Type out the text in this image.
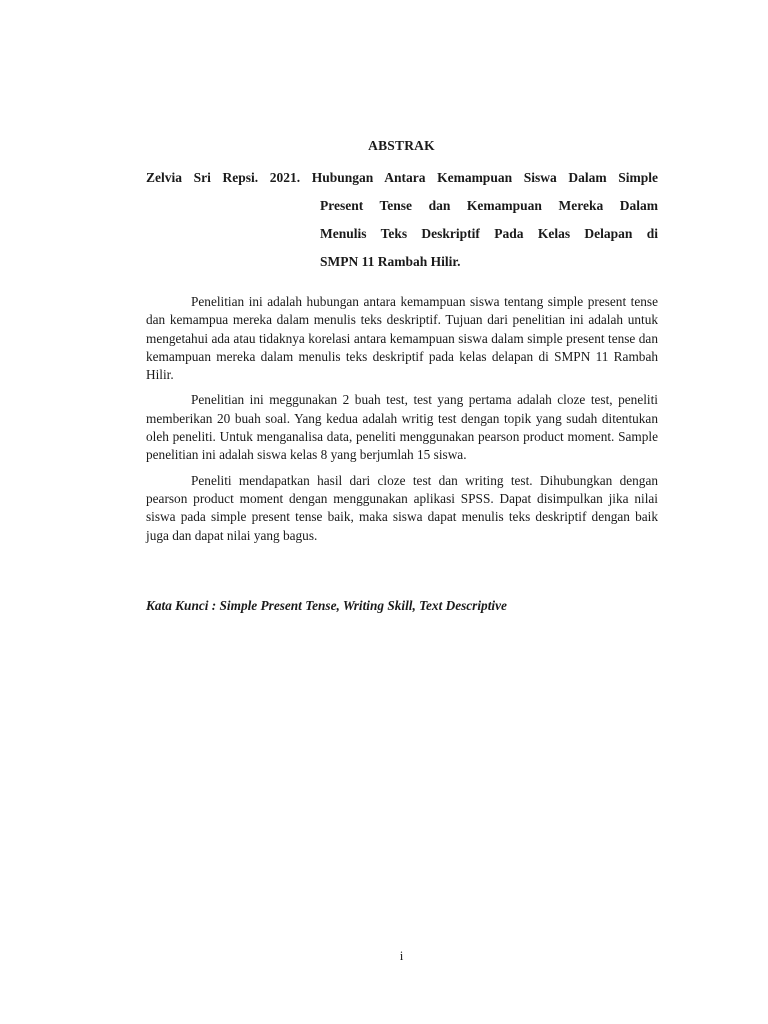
ABSTRAK
Zelvia Sri Repsi. 2021. Hubungan Antara Kemampuan Siswa Dalam Simple
Present Tense dan Kemampuan Mereka Dalam
Menulis Teks Deskriptif Pada Kelas Delapan di
SMPN 11 Rambah Hilir.

Penelitian ini adalah hubungan antara kemampuan siswa tentang simple present tense dan kemampua mereka dalam menulis teks deskriptif. Tujuan dari penelitian ini adalah untuk mengetahui ada atau tidaknya korelasi antara kemampuan siswa dalam simple present tense dan kemampuan mereka dalam menulis teks deskriptif pada kelas delapan di SMPN 11 Rambah Hilir.

Penelitian ini meggunakan 2 buah test, test yang pertama adalah cloze test, peneliti memberikan 20 buah soal. Yang kedua adalah writig test dengan topik yang sudah ditentukan oleh peneliti. Untuk menganalisa data, peneliti menggunakan pearson product moment. Sample penelitian ini adalah siswa kelas 8 yang berjumlah 15 siswa.

Peneliti mendapatkan hasil dari cloze test dan writing test. Dihubungkan dengan pearson product moment dengan menggunakan aplikasi SPSS. Dapat disimpulkan jika nilai siswa pada simple present tense baik, maka siswa dapat menulis teks deskriptif dengan baik juga dan dapat nilai yang bagus.

Kata Kunci : Simple Present Tense, Writing Skill, Text Descriptive
i
